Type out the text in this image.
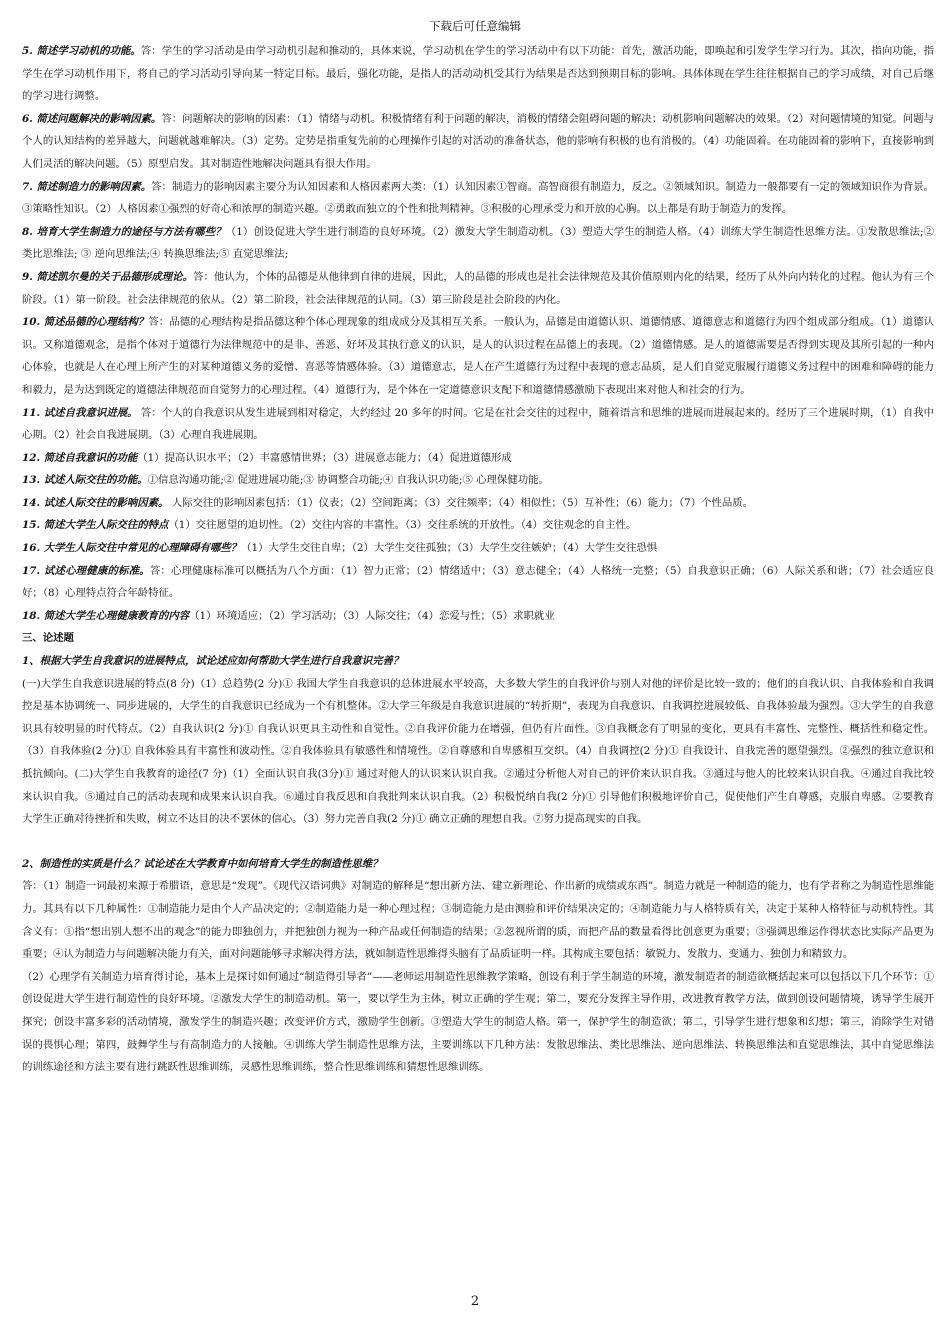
下载后可任意编辑

5. 简述学习动机的功能。答：学生的学习活动是由学习动机引起和推动的，具体来说，学习动机在学生的学习活动中有以下功能：首先，激活功能，即唤起和引发学生学习行为。其次，指向功能，指学生在学习动机作用下，将自己的学习活动引导向某一特定目标。最后，强化功能，是指人的活动动机受其行为结果是否达到预期目标的影响。具体体现在学生往往根据自己的学习成绩，对自己后继的学习进行调整。

6. 简述问题解决的影响因素。答：问题解决的影响的因素：（1）情绪与动机。积极情绪有利于问题的解决，消极的情绪会阻碍问题的解决；动机影响问题解决的效果。（2）对问题情境的知觉。问题与个人的认知结构的差异越大，问题就越难解决。（3）定势。定势是指重复先前的心理操作引起的对活动的准备状态，他的影响有积极的也有消极的。（4）功能固着。在功能固着的影响下，直接影响到人们灵活的解决问题。（5）原型启发。其对制造性地解决问题具有很大作用。

7. 简述制造力的影响因素。答：制造力的影响因素主要分为认知因素和人格因素两大类：（1）认知因素①智商。高智商很有制造力，反之。②领域知识。制造力一般都要有一定的领域知识作为背景。③策略性知识。（2）人格因素①强烈的好奇心和浓厚的制造兴趣。②勇敢而独立的个性和批判精神。③积极的心理承受力和开放的心胸。以上都是有助于制造力的发挥。

8. 培育大学生制造力的途径与方法有哪些？（1）创设促进大学生进行制造的良好环境。（2）激发大学生制造动机。（3）塑造大学生的制造人格。（4）训练大学生制造性思维方法。①发散思维法;② 类比思维法; ③ 逆向思维法;④ 转换思维法;⑤ 直觉思维法;

9. 简述凯尔曼的关于品德形成理论。答：他认为，个体的品德是从他律到自律的进展，因此，人的品德的形成也是社会法律规范及其价值原则内化的结果，经历了从外向内转化的过程。他认为有三个阶段。（1）第一阶段。社会法律规范的依从。（2）第二阶段，社会法律规范的认同。（3）第三阶段是社会阶段的内化。

10. 简述品德的心理结构？答：品德的心理结构是指品德这种个体心理现象的组成成分及其相互关系。一般认为，品德是由道德认识、道德情感、道德意志和道德行为四个组成部分组成。（1）道德认识。又称道德观念，是指个体对于道德行为法律规范中的是非、善恶、好坏及其执行意义的认识，是人的认识过程在品德上的表现。（2）道德情感。是人的道德需要是否得到实现及其所引起的一种内心体验，也就是人在心理上所产生的对某种道德义务的爱憎、喜恶等情感体验。（3）道德意志，是人在产生道德行为过程中表现的意志品质，是人们自觉克服履行道德义务过程中的困难和障碍的能力和毅力，是为达到既定的道德法律规范而自觉努力的心理过程。（4）道德行为，是个体在一定道德意识支配下和道德情感激励下表现出来对他人和社会的行为。

11. 试述自我意识进展。 答：个人的自我意识从发生进展到相对稳定，大约经过 20 多年的时间。它是在社会交往的过程中，随着语言和思维的进展而进展起来的。经历了三个进展时期，（1）自我中心期。（2）社会自我进展期。（3）心理自我进展期。

12. 简述自我意识的功能（1）提高认识水平；（2）丰富感情世界；（3）进展意志能力；（4）促进道德形成

13. 试述人际交往的功能。①信息沟通功能;② 促进进展功能;③ 协调整合功能;④ 自我认识功能;⑤ 心理保健功能。

14. 试述人际交往的影响因素。 人际交往的影响因素包括：（1）仪表；（2）空间距离；（3）交往频率；（4）相似性；（5）互补性；（6）能力；（7）个性品质。

15. 简述大学生人际交往的特点（1）交往愿望的迫切性。（2）交往内容的丰富性。（3）交往系统的开放性。（4）交往观念的自主性。

16. 大学生人际交往中常见的心理障碍有哪些？（1）大学生交往自卑；（2）大学生交往孤独；（3）大学生交往嫉妒；（4）大学生交往恐惧

17. 试述心理健康的标准。答：心理健康标准可以概括为八个方面：（1）智力正常；（2）情绪适中；（3）意志健全；（4）人格统一完整；（5）自我意识正确；（6）人际关系和谐；（7）社会适应良好；（8）心理特点符合年龄特征。

18. 简述大学生心理健康教育的内容（1）环境适应；（2）学习活动；（3）人际交往；（4）恋爱与性；（5）求职就业

三、论述题

1、根据大学生自我意识的进展特点，试论述应如何帮助大学生进行自我意识完善？

(一)大学生自我意识进展的特点(8 分)（1）总趋势(2 分)① 我国大学生自我意识的总体进展水平较高，大多数大学生的自我评价与别人对他的评价是比较一致的；他们的自我认识、自我体验和自我调控是基本协调统一、同步进展的，大学生的自我意识已经成为一个有机整体。②大学三年级是自我意识进展的“转折期”，表现为自我意识、自我调控进展较低、自我体验最为强烈。③大学生的自我意识具有较明显的时代特点。（2）自我认识(2 分)① 自我认识更具主动性和自觉性。②自我评价能力在增强，但仍有片面性。③自我概念有了明显的变化，更具有丰富性、完整性、概括性和稳定性。（3）自我体验(2 分)① 自我体验具有丰富性和波动性。②自我体验具有敏感性和情境性。②自尊感和自卑感相互交织。（4）自我调控(2 分)① 自我设计、自我完善的愿望强烈。②强烈的独立意识和抵抗倾向。(二)大学生自我教育的途径(7 分)（1）全面认识自我(3分)① 通过对他人的认识来认识自我。②通过分析他人对自己的评价来认识自我。③通过与他人的比较来认识自我。④通过自我比较来认识自我。⑤通过自己的活动表现和成果来认识自我。⑥通过自我反思和自我批判来认识自我。（2）积极悦纳自我(2 分)① 引导他们积极地评价自己，促使他们产生自尊感，克服自卑感。②要教育大学生正确对待挫折和失败，树立不达目的决不罢休的信心。（3）努力完善自我(2 分)① 确立正确的理想自我。⑦努力提高现实的自我。

2、制造性的实质是什么？试论述在大学教育中如何培育大学生的制造性思维？

答：（1）制造一词最初来源于希腊语，意思是“发现”。《现代汉语词典》对制造的解释是“想出新方法、建立新理论、作出新的成绩或东西”。制造力就是一种制造的能力，也有学者称之为制造性思维能力。其具有以下几种属性：①制造能力是由个人产品决定的；②制造能力是一种心理过程；③制造能力是由测验和评价结果决定的；④制造能力与人格特质有关，决定于某种人格特征与动机特性。其含义有：①指“想出别人想不出的观念”的能力即独创力，并把独创力视为一种产品或任何制造的结果；②忽视所谓的质，而把产品的数量看得比创意更为重要；③强调思维运作得状态比实际产品更为重要；④认为制造力与问题解决能力有关，面对问题能够寻求解决得方法，就如制造性思维得头脑有了品质证明一样。其构成主要包括：敏锐力、发散力、变通力、独创力和精致力。

（2）心理学有关制造力培育得讨论，基本上是探讨如何通过“制造得引导者”——老师运用制造性思维教学策略，创设有利于学生制造的环境，激发制造者的制造欲概括起来可以包括以下几个环节：①创设促进大学生进行制造性的良好环境。②激发大学生的制造动机。第一，要以学生为主体，树立正确的学生观；第二，要充分发挥主导作用，改进教育教学方法，做到创设问题情境，诱导学生展开探究；创设丰富多彩的活动情境，激发学生的制造兴趣；改变评价方式，激励学生创新。③塑造大学生的制造人格。第一，保护学生的制造欲；第二，引导学生进行想象和幻想；第三，消除学生对错误的畏惧心理；第四，鼓舞学生与有高制造力的人接触。④训练大学生制造性思维方法，主要训练以下几种方法：发散思维法、类比思维法、逆向思维法、转换思维法和直觉思维法，其中自觉思维法的训练途径和方法主要有进行跳跃性思维训练，灵感性思维训练，整合性思维训练和猜想性思维训练。

2
